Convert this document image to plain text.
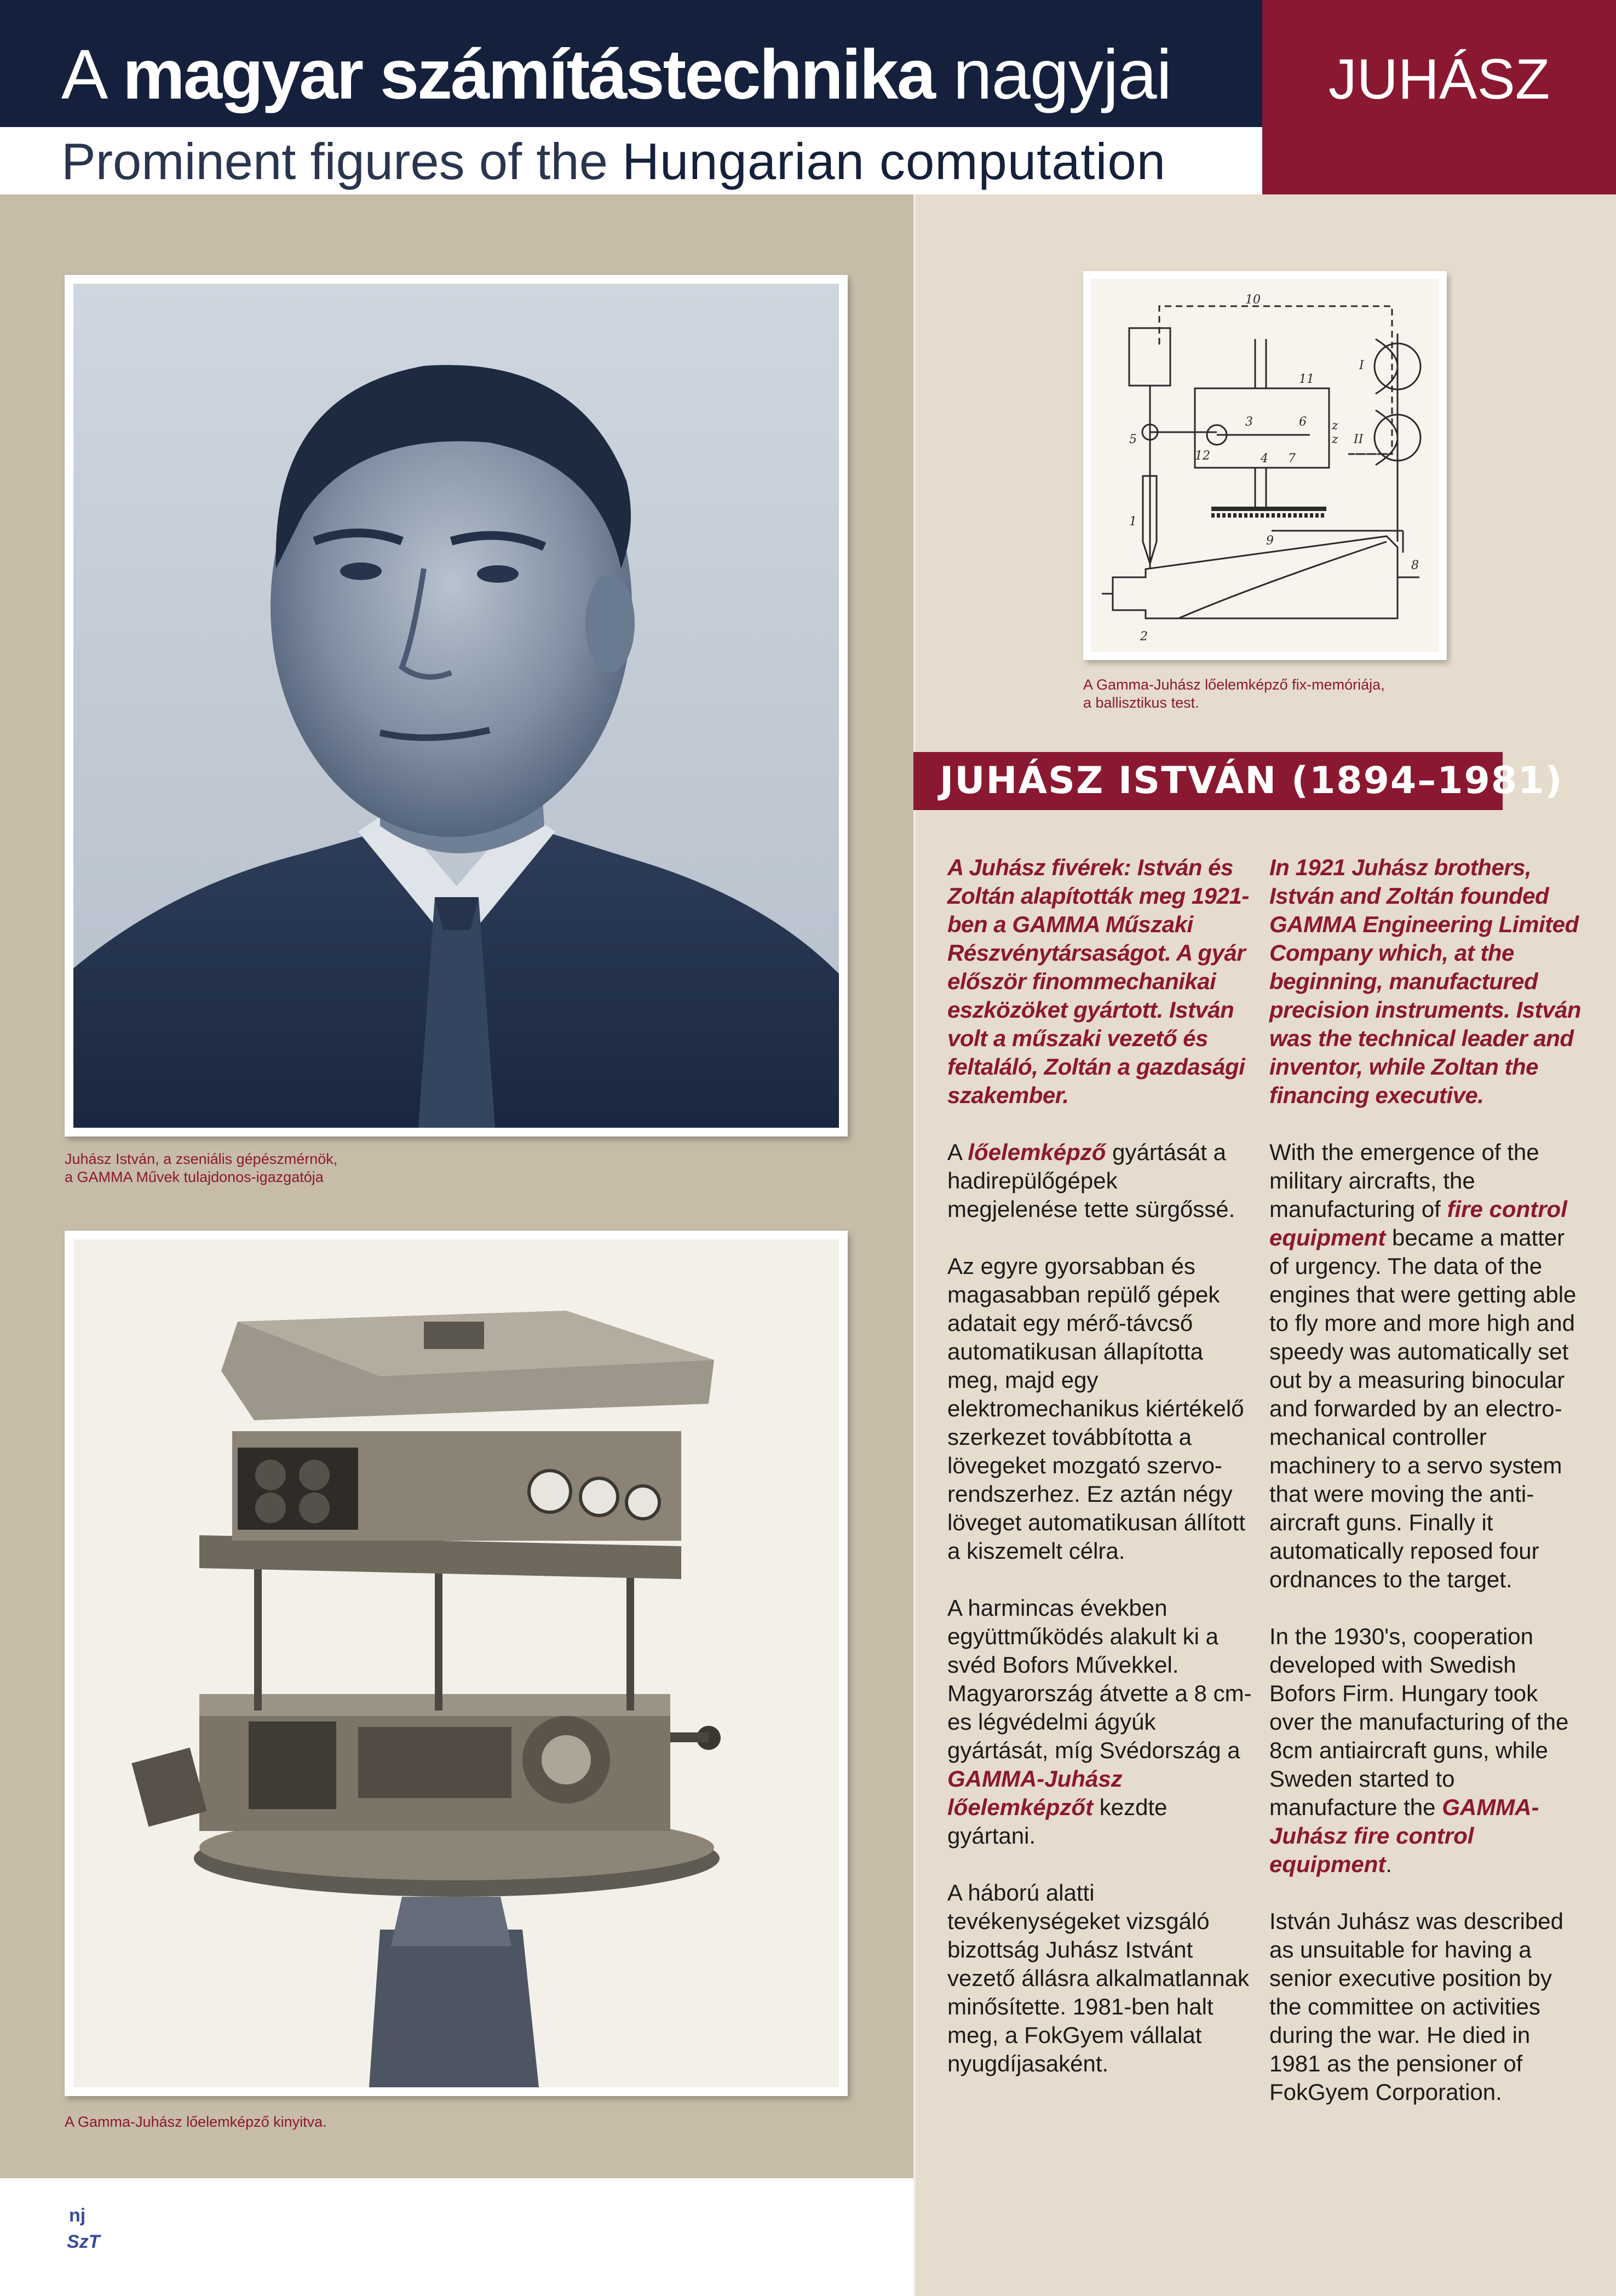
A magyar számítástechnika nagyjai	JUHÁSZ
Prominent figures of the Hungarian computation
Juhász István, a zseniális gépészmérnök,
a GAMMA Művek tulajdonos-igazgatója
A Gamma-Juhász lőelemképző kinyitva.
nj
SzT
10
11
I
II
3	6
5
12	4 7
z
z
9
1
8
2
A Gamma-Juhász lőelemképző fix-memóriája,
a ballisztikus test.
JUHÁSZ ISTVÁN (1894–1981)

A Juhász fivérek: István és Zoltán alapították meg 1921-ben a GAMMA Műszaki Részvénytársaságot. A gyár először finommechanikai eszközöket gyártott. István volt a műszaki vezető és feltaláló, Zoltán a gazdasági szakember.

A lőelemképző gyártását a hadirepülőgépek megjelenése tette sürgőssé.

Az egyre gyorsabban és magasabban repülő gépek adatait egy mérő-távcső automatikusan állapította meg, majd egy elektromechanikus kiértékelő szerkezet továbbította a lövegeket mozgató szervo-rendszerhez. Ez aztán négy löveget automatikusan állított a kiszemelt célra.

A harmincas években együttműködés alakult ki a svéd Bofors Művekkel. Magyarország átvette a 8 cm-es légvédelmi ágyúk gyártását, míg Svédország a GAMMA-Juhász lőelemképzőt kezdte gyártani.

A háború alatti tevékenységeket vizsgáló bizottság Juhász Istvánt vezető állásra alkalmatlannak minősítette. 1981-ben halt meg, a FokGyem vállalat nyugdíjasaként.

In 1921 Juhász brothers, István and Zoltán founded GAMMA Engineering Limited Company which, at the beginning, manufactured precision instruments. István was the technical leader and inventor, while Zoltan the financing executive.

With the emergence of the military aircrafts, the manufacturing of fire control equipment became a matter of urgency. The data of the engines that were getting able to fly more and more high and speedy was automatically set out by a measuring binocular and forwarded by an electro-mechanical controller machinery to a servo system that were moving the anti-aircraft guns. Finally it automatically reposed four ordnances to the target.

In the 1930's, cooperation developed with Swedish Bofors Firm. Hungary took over the manufacturing of the 8cm antiaircraft guns, while Sweden started to manufacture the GAMMA-Juhász fire control equipment.

István Juhász was described as unsuitable for having a senior executive position by the committee on activities during the war. He died in 1981 as the pensioner of FokGyem Corporation.
